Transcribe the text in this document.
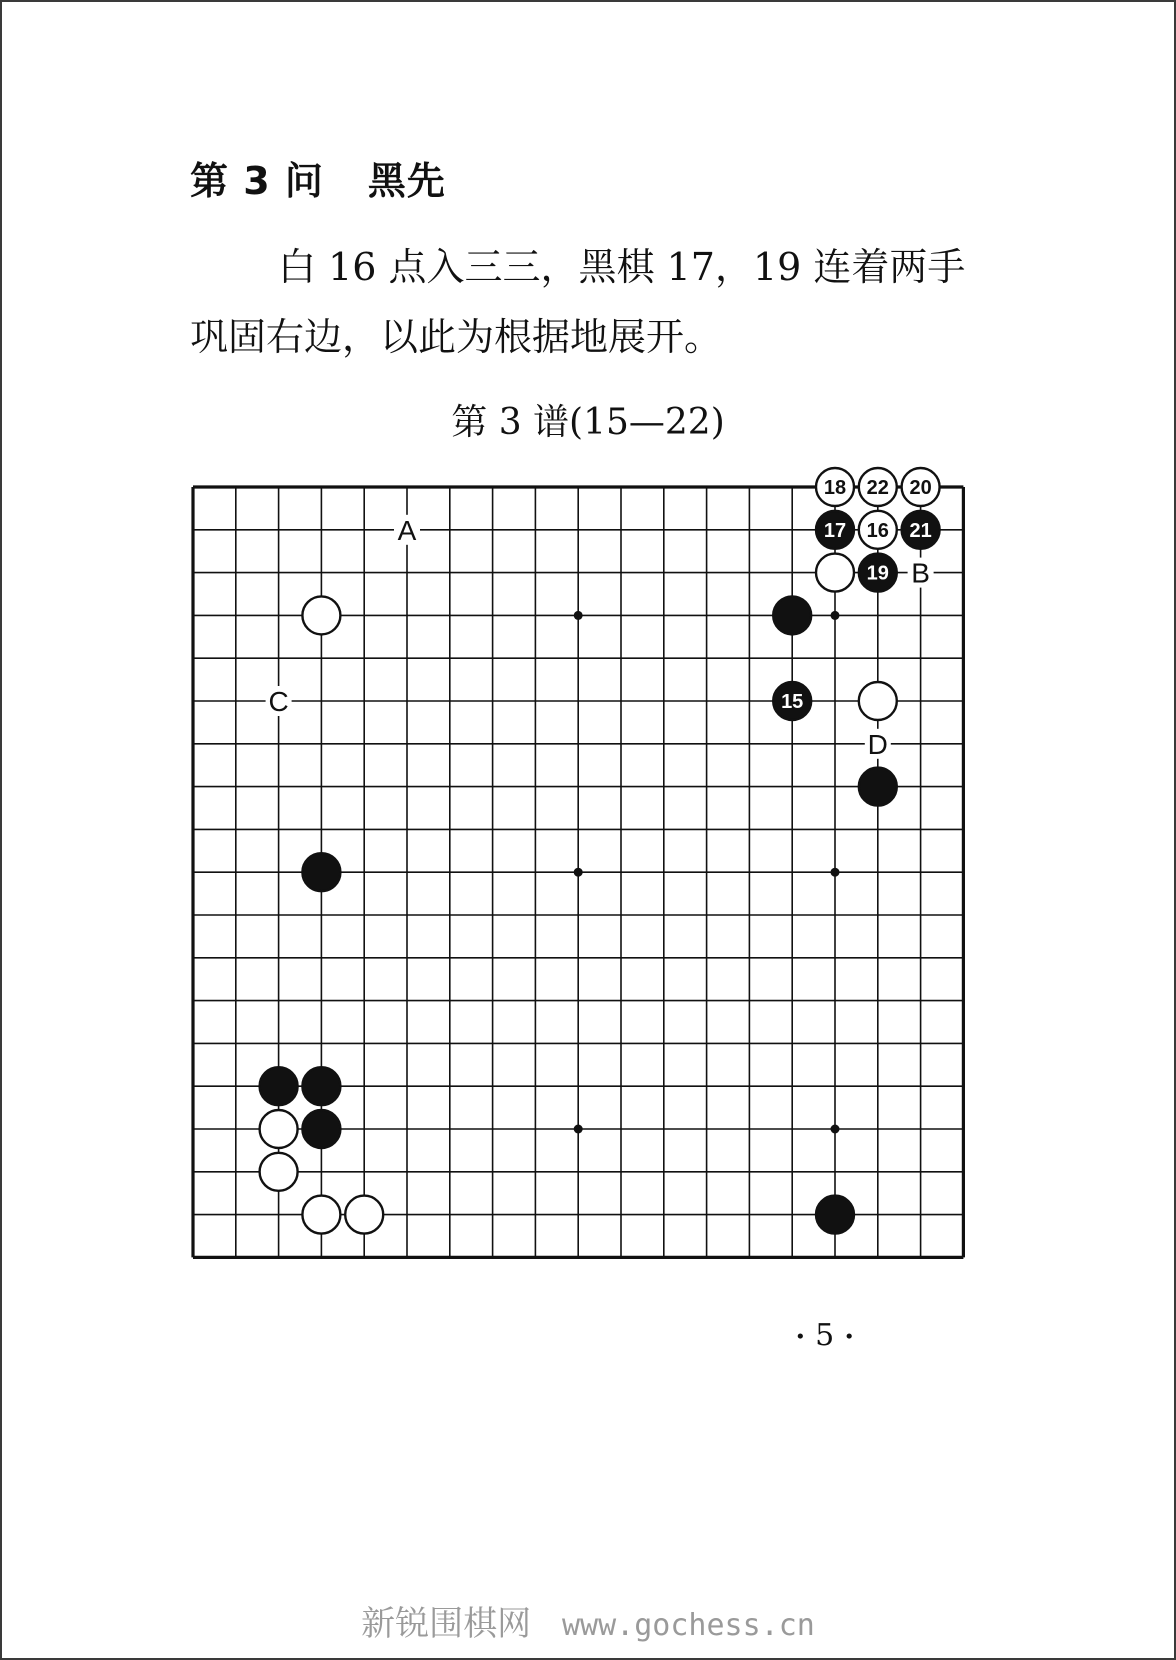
第 3 问 黑先
白 16 点入三三，黑棋 17，19 连着两手巩固右边，以此为根据地展开。
第 3 谱(15—22)
15
16
17
18
19
20
21
22
A
B
C
D
• 5 •
新锐围棋网 www.gochess.cn
